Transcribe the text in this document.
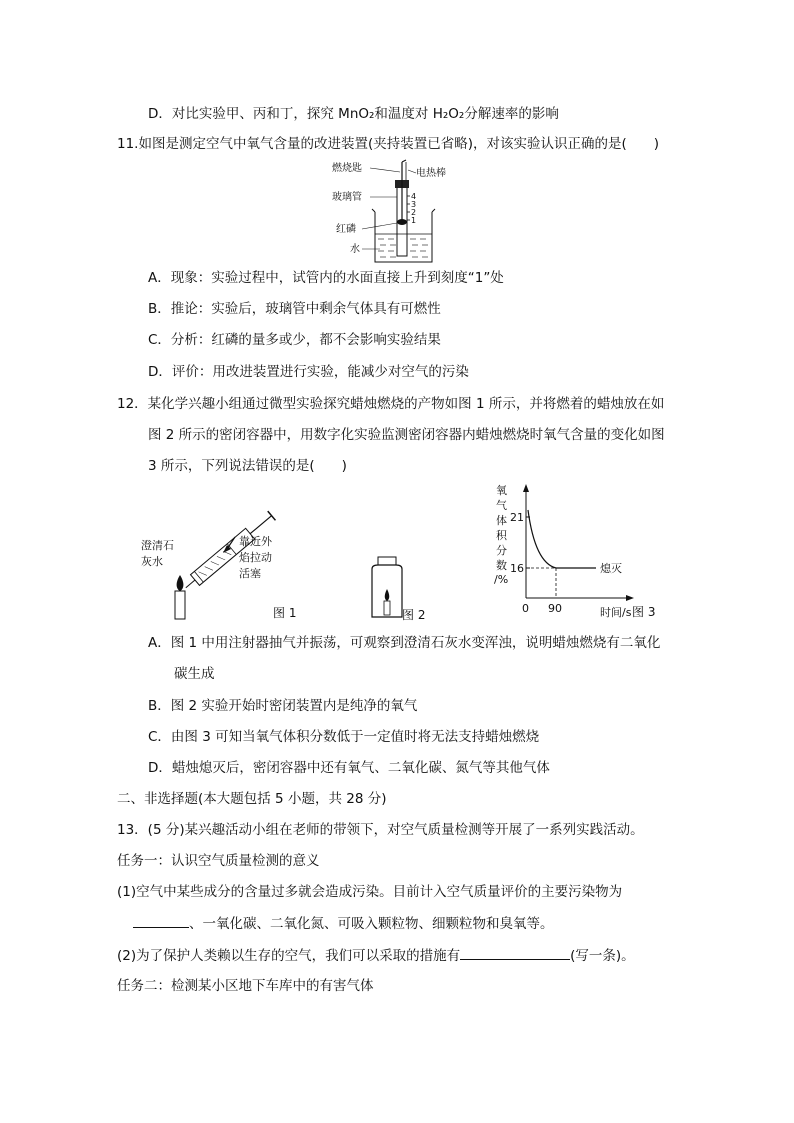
D．对比实验甲、丙和丁，探究 MnO₂和温度对 H₂O₂分解速率的影响
11.如图是测定空气中氧气含量的改进装置(夹持装置已省略)，对该实验认识正确的是(　　)
4
3
2
1
燃烧匙	电热棒
玻璃管
红磷
水
A．现象：实验过程中，试管内的水面直接上升到刻度“1”处
B．推论：实验后，玻璃管中剩余气体具有可燃性
C．分析：红磷的量多或少，都不会影响实验结果
D．评价：用改进装置进行实验，能减少对空气的污染
12．某化学兴趣小组通过微型实验探究蜡烛燃烧的产物如图 1 所示，并将燃着的蜡烛放在如
图 2 所示的密闭容器中，用数字化实验监测密闭容器内蜡烛燃烧时氧气含量的变化如图
3 所示，下列说法错误的是(　　)
澄清石
灰水
靠近外
焰拉动
活塞
图 1	图 2
氧
气
体
积
分
数
/%
21
16	熄灭
0 90	时间/s 图 3
A．图 1 中用注射器抽气并振荡，可观察到澄清石灰水变浑浊，说明蜡烛燃烧有二氧化
碳生成
B．图 2 实验开始时密闭装置内是纯净的氧气
C．由图 3 可知当氧气体积分数低于一定值时将无法支持蜡烛燃烧
D．蜡烛熄灭后，密闭容器中还有氧气、二氧化碳、氮气等其他气体
二、非选择题(本大题包括 5 小题，共 28 分)
13．(5 分)某兴趣活动小组在老师的带领下，对空气质量检测等开展了一系列实践活动。
任务一：认识空气质量检测的意义
(1)空气中某些成分的含量过多就会造成污染。目前计入空气质量评价的主要污染物为
、一氧化碳、二氧化氮、可吸入颗粒物、细颗粒物和臭氧等。
(2)为了保护人类赖以生存的空气，我们可以采取的措施有	(写一条)。
任务二：检测某小区地下车库中的有害气体
